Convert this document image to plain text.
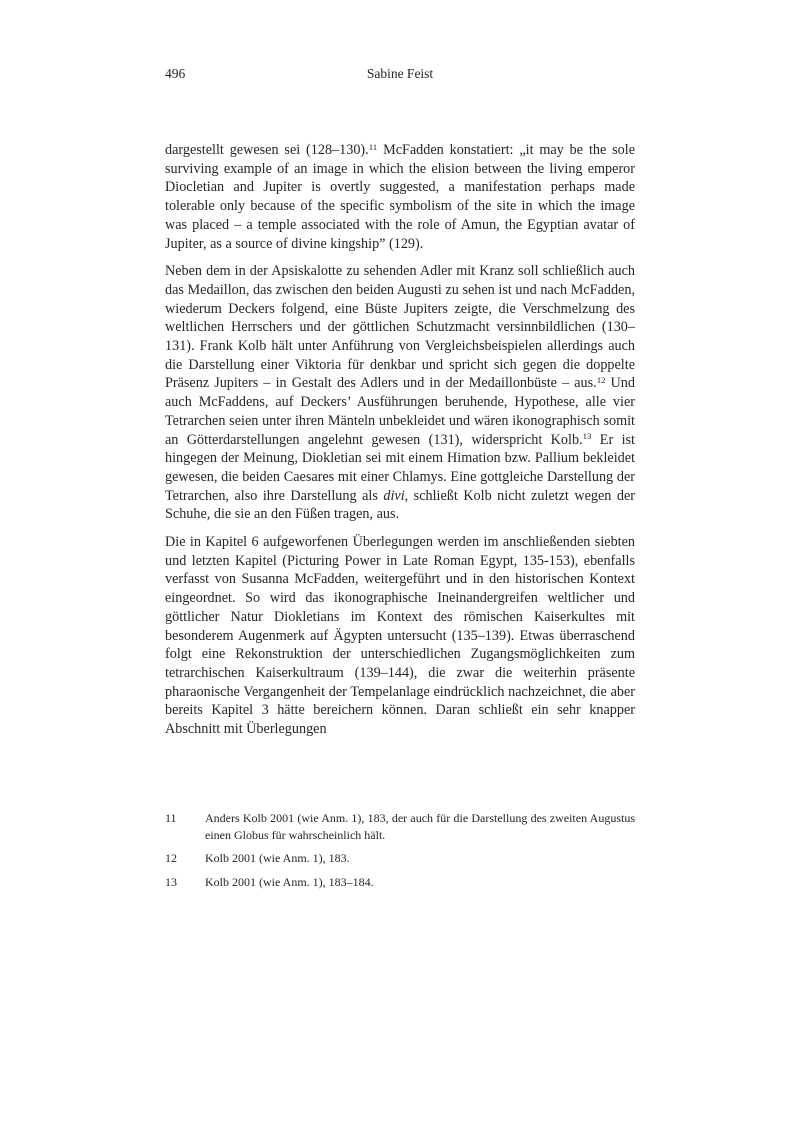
496	Sabine Feist

dargestellt gewesen sei (128–130).$^{11}$ McFadden konstatiert: „it may be the sole surviving example of an image in which the elision between the living emperor Diocletian and Jupiter is overtly suggested, a manifestation perhaps made tolerable only because of the specific symbolism of the site in which the image was placed – a temple associated with the role of Amun, the Egyptian avatar of Jupiter, as a source of divine kingship” (129).

Neben dem in der Apsiskalotte zu sehenden Adler mit Kranz soll schließlich auch das Medaillon, das zwischen den beiden Augusti zu sehen ist und nach McFadden, wiederum Deckers folgend, eine Büste Jupiters zeigte, die Verschmelzung des weltlichen Herrschers und der göttlichen Schutzmacht versinnbildlichen (130–131). Frank Kolb hält unter Anführung von Vergleichsbeispielen allerdings auch die Darstellung einer Viktoria für denkbar und spricht sich gegen die doppelte Präsenz Jupiters – in Gestalt des Adlers und in der Medaillonbüste – aus.$^{12}$ Und auch McFaddens, auf Deckers’ Ausführungen beruhende, Hypothese, alle vier Tetrarchen seien unter ihren Mänteln unbekleidet und wären ikonographisch somit an Götterdarstellungen angelehnt gewesen (131), widerspricht Kolb.$^{13}$ Er ist hingegen der Meinung, Diokletian sei mit einem Himation bzw. Pallium bekleidet gewesen, die beiden Caesares mit einer Chlamys. Eine gottgleiche Darstellung der Tetrarchen, also ihre Darstellung als divi, schließt Kolb nicht zuletzt wegen der Schuhe, die sie an den Füßen tragen, aus.

Die in Kapitel 6 aufgeworfenen Überlegungen werden im anschließenden siebten und letzten Kapitel (Picturing Power in Late Roman Egypt, 135-153), ebenfalls verfasst von Susanna McFadden, weitergeführt und in den historischen Kontext eingeordnet. So wird das ikonographische Ineinandergreifen weltlicher und göttlicher Natur Diokletians im Kontext des römischen Kaiserkultes mit besonderem Augenmerk auf Ägypten untersucht (135–139). Etwas überraschend folgt eine Rekonstruktion der unterschiedlichen Zugangsmöglichkeiten zum tetrarchischen Kaiserkultraum (139–144), die zwar die weiterhin präsente pharaonische Vergangenheit der Tempelanlage eindrücklich nachzeichnet, die aber bereits Kapitel 3 hätte bereichern können. Daran schließt ein sehr knapper Abschnitt mit Überlegungen

11	Anders Kolb 2001 (wie Anm. 1), 183, der auch für die Darstellung des zweiten Augustus einen Globus für wahrscheinlich hält.
12	Kolb 2001 (wie Anm. 1), 183.
13	Kolb 2001 (wie Anm. 1), 183–184.
